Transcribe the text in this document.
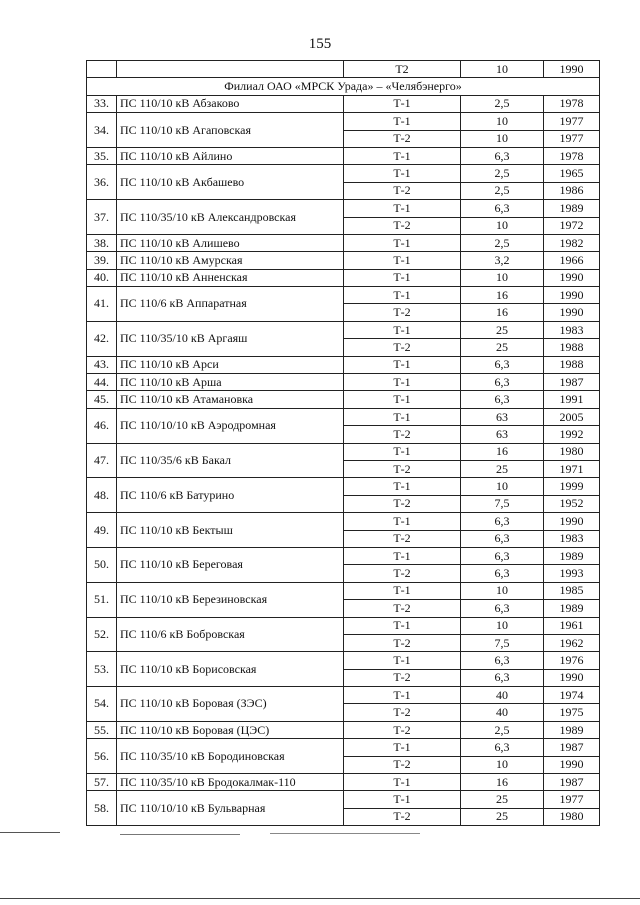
155
		Т2	10	1990
Филиал ОАО «МРСК Урада» – «Челябэнерго»				
33.	ПС 110/10 кВ Абзаково	Т-1	2,5	1978
34.	ПС 110/10 кВ Агаповская	Т-1	10	1977
		Т-2	10	1977
35.	ПС 110/10 кВ Айлино	Т-1	6,3	1978
36.	ПС 110/10 кВ Акбашево	Т-1	2,5	1965
		Т-2	2,5	1986
37.	ПС 110/35/10 кВ Александровская	Т-1	6,3	1989
		Т-2	10	1972
38.	ПС 110/10 кВ Алишево	Т-1	2,5	1982
39.	ПС 110/10 кВ Амурская	Т-1	3,2	1966
40.	ПС 110/10 кВ Анненская	Т-1	10	1990
41.	ПС 110/6 кВ Аппаратная	Т-1	16	1990
		Т-2	16	1990
42.	ПС 110/35/10 кВ Аргаяш	Т-1	25	1983
		Т-2	25	1988
43.	ПС 110/10 кВ Арси	Т-1	6,3	1988
44.	ПС 110/10 кВ Арша	Т-1	6,3	1987
45.	ПС 110/10 кВ Атамановка	Т-1	6,3	1991
46.	ПС 110/10/10 кВ Аэродромная	Т-1	63	2005
		Т-2	63	1992
47.	ПС 110/35/6 кВ Бакал	Т-1	16	1980
		Т-2	25	1971
48.	ПС 110/6 кВ Батурино	Т-1	10	1999
		Т-2	7,5	1952
49.	ПС 110/10 кВ Бектыш	Т-1	6,3	1990
		Т-2	6,3	1983
50.	ПС 110/10 кВ Береговая	Т-1	6,3	1989
		Т-2	6,3	1993
51.	ПС 110/10 кВ Березиновская	Т-1	10	1985
		Т-2	6,3	1989
52.	ПС 110/6 кВ Бобровская	Т-1	10	1961
		Т-2	7,5	1962
53.	ПС 110/10 кВ Борисовская	Т-1	6,3	1976
		Т-2	6,3	1990
54.	ПС 110/10 кВ Боровая (ЗЭС)	Т-1	40	1974
		Т-2	40	1975
55.	ПС 110/10 кВ Боровая (ЦЭС)	Т-2	2,5	1989
56.	ПС 110/35/10 кВ Бородиновская	Т-1	6,3	1987
		Т-2	10	1990
57.	ПС 110/35/10 кВ Бродокалмак-110	Т-1	16	1987
58.	ПС 110/10/10 кВ Бульварная	Т-1	25	1977
		Т-2	25	1980
